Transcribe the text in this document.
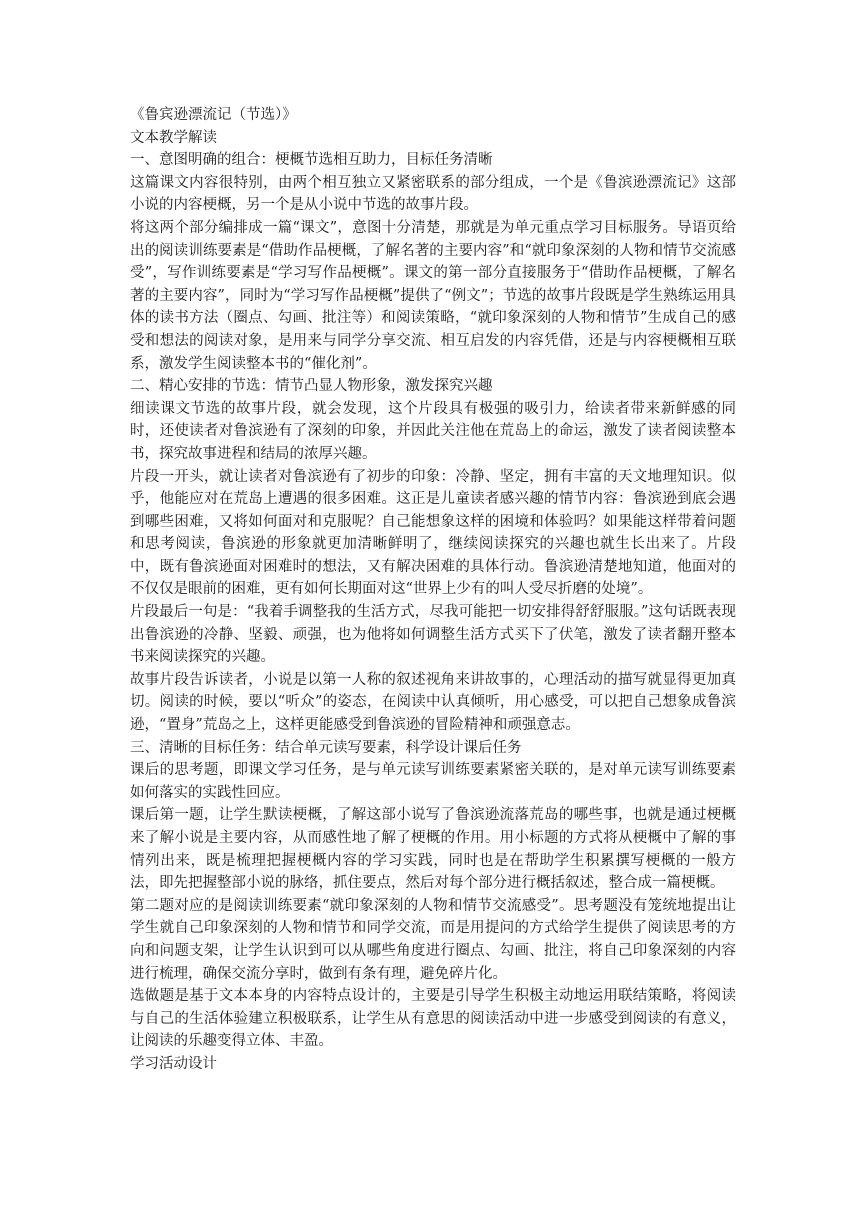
《鲁宾逊漂流记（节选）》

文本教学解读

一、意图明确的组合：梗概节选相互助力，目标任务清晰

这篇课文内容很特别，由两个相互独立又紧密联系的部分组成，一个是《鲁滨逊漂流记》这部小说的内容梗概，另一个是从小说中节选的故事片段。

将这两个部分编排成一篇“课文”，意图十分清楚，那就是为单元重点学习目标服务。导语页给出的阅读训练要素是“借助作品梗概，了解名著的主要内容”和“就印象深刻的人物和情节交流感受”，写作训练要素是“学习写作品梗概”。课文的第一部分直接服务于“借助作品梗概，了解名著的主要内容”，同时为“学习写作品梗概”提供了“例文”；节选的故事片段既是学生熟练运用具体的读书方法（圈点、勾画、批注等）和阅读策略，“就印象深刻的人物和情节”生成自己的感受和想法的阅读对象，是用来与同学分享交流、相互启发的内容凭借，还是与内容梗概相互联系，激发学生阅读整本书的“催化剂”。

二、精心安排的节选：情节凸显人物形象，激发探究兴趣

细读课文节选的故事片段，就会发现，这个片段具有极强的吸引力，给读者带来新鲜感的同时，还使读者对鲁滨逊有了深刻的印象，并因此关注他在荒岛上的命运，激发了读者阅读整本书，探究故事进程和结局的浓厚兴趣。

片段一开头，就让读者对鲁滨逊有了初步的印象：冷静、坚定，拥有丰富的天文地理知识。似乎，他能应对在荒岛上遭遇的很多困难。这正是儿童读者感兴趣的情节内容：鲁滨逊到底会遇到哪些困难，又将如何面对和克服呢？自己能想象这样的困境和体验吗？如果能这样带着问题和思考阅读，鲁滨逊的形象就更加清晰鲜明了，继续阅读探究的兴趣也就生长出来了。片段中，既有鲁滨逊面对困难时的想法，又有解决困难的具体行动。鲁滨逊清楚地知道，他面对的不仅仅是眼前的困难，更有如何长期面对这“世界上少有的叫人受尽折磨的处境”。

片段最后一句是：“我着手调整我的生活方式，尽我可能把一切安排得舒舒服服。”这句话既表现出鲁滨逊的冷静、坚毅、顽强，也为他将如何调整生活方式买下了伏笔，激发了读者翻开整本书来阅读探究的兴趣。

故事片段告诉读者，小说是以第一人称的叙述视角来讲故事的，心理活动的描写就显得更加真切。阅读的时候，要以“听众”的姿态，在阅读中认真倾听，用心感受，可以把自己想象成鲁滨逊，“置身”荒岛之上，这样更能感受到鲁滨逊的冒险精神和顽强意志。

三、清晰的目标任务：结合单元读写要素，科学设计课后任务

课后的思考题，即课文学习任务，是与单元读写训练要素紧密关联的，是对单元读写训练要素如何落实的实践性回应。

课后第一题，让学生默读梗概，了解这部小说写了鲁滨逊流落荒岛的哪些事，也就是通过梗概来了解小说是主要内容，从而感性地了解了梗概的作用。用小标题的方式将从梗概中了解的事情列出来，既是梳理把握梗概内容的学习实践，同时也是在帮助学生积累撰写梗概的一般方法，即先把握整部小说的脉络，抓住要点，然后对每个部分进行概括叙述，整合成一篇梗概。

第二题对应的是阅读训练要素“就印象深刻的人物和情节交流感受”。思考题没有笼统地提出让学生就自己印象深刻的人物和情节和同学交流，而是用提问的方式给学生提供了阅读思考的方向和问题支架，让学生认识到可以从哪些角度进行圈点、勾画、批注，将自己印象深刻的内容进行梳理，确保交流分享时，做到有条有理，避免碎片化。

选做题是基于文本本身的内容特点设计的，主要是引导学生积极主动地运用联结策略，将阅读与自己的生活体验建立积极联系，让学生从有意思的阅读活动中进一步感受到阅读的有意义，让阅读的乐趣变得立体、丰盈。

学习活动设计
